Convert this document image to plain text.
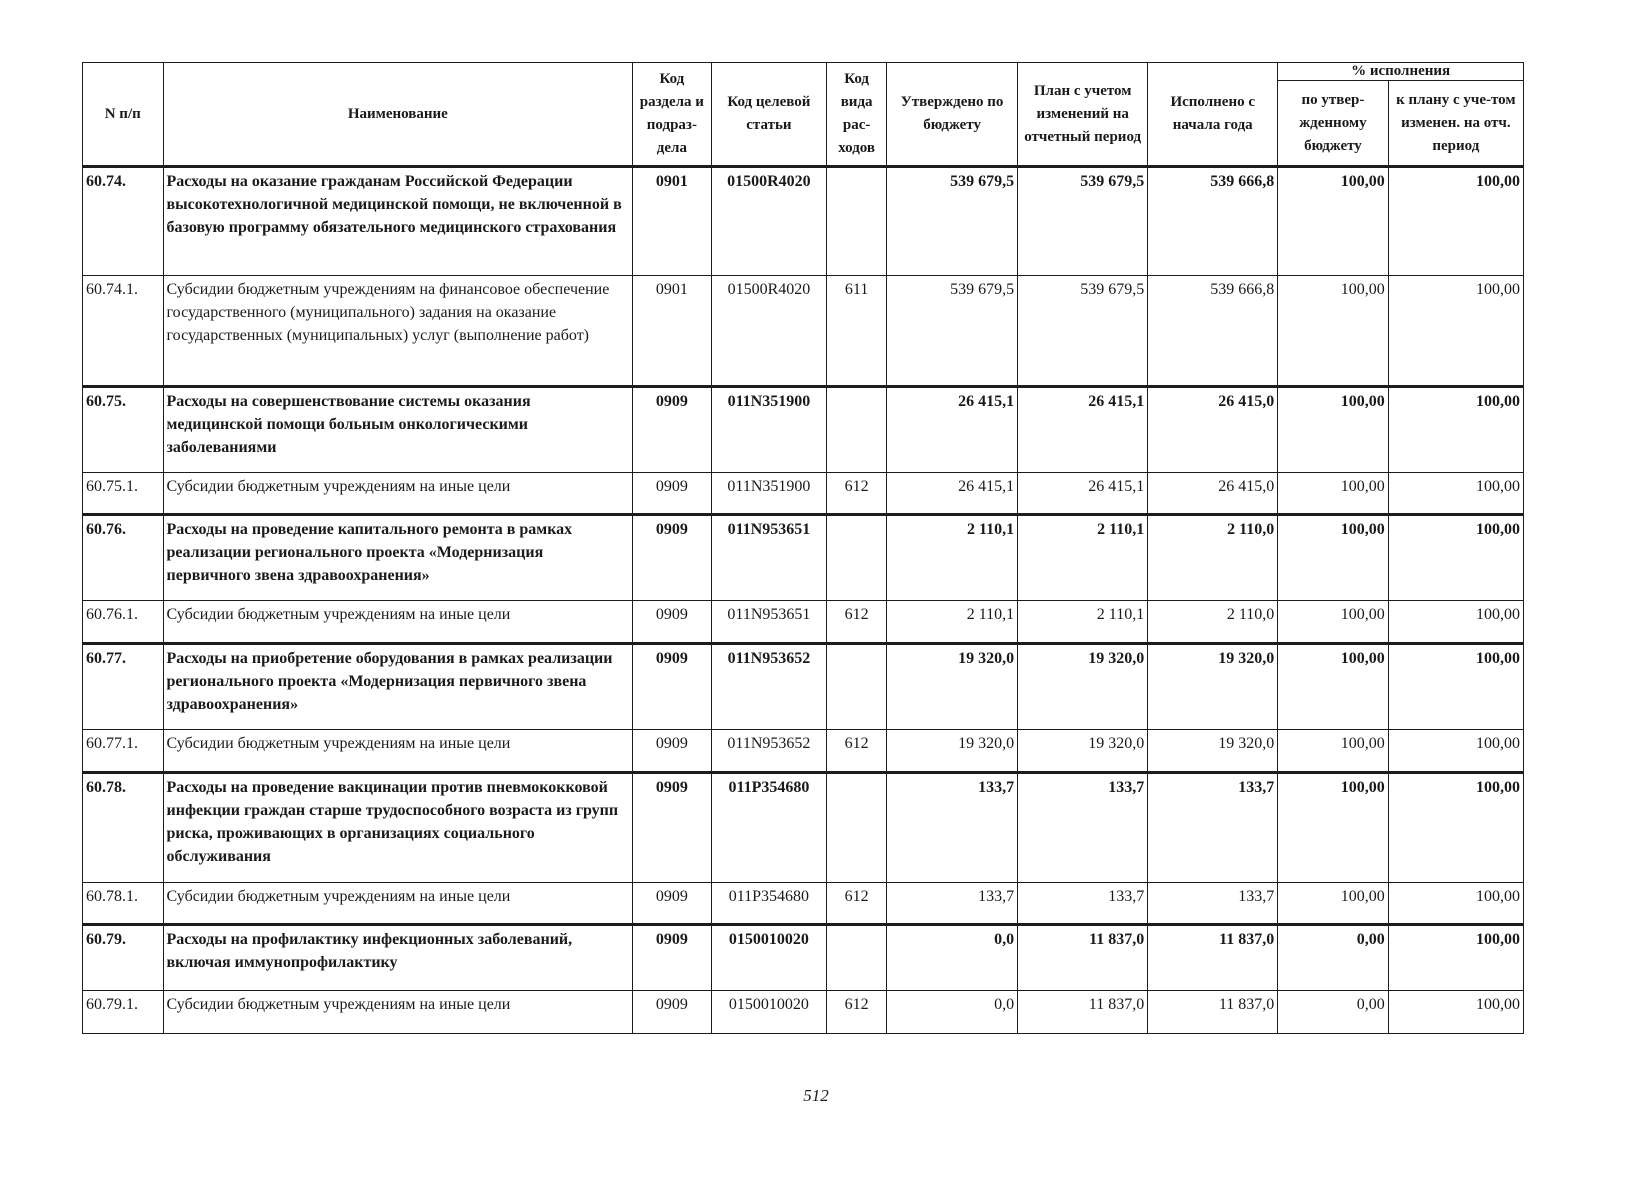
N п/п	Наименование	Код раздела и подраз-дела	Код целевой статьи	Код вида рас-ходов	Утверждено по бюджету	План с учетом изменений на отчетный период	Исполнено с начала года	% исполнения	
								по утвер-жденному бюджету	к плану с уче-том изменен. на отч. период
60.74.	Расходы на оказание гражданам Российской Федерации высокотехнологичной медицинской помощи, не включенной в базовую программу обязательного медицинского страхования	0901	01500R4020		539 679,5	539 679,5	539 666,8	100,00	100,00
60.74.1.	Субсидии бюджетным учреждениям на финансовое обеспечение государственного (муниципального) задания на оказание государственных (муниципальных) услуг (выполнение работ)	0901	01500R4020	611	539 679,5	539 679,5	539 666,8	100,00	100,00
60.75.	Расходы на совершенствование системы оказания медицинской помощи больным онкологическими заболеваниями	0909	011N351900		26 415,1	26 415,1	26 415,0	100,00	100,00
60.75.1.	Субсидии бюджетным учреждениям на иные цели	0909	011N351900	612	26 415,1	26 415,1	26 415,0	100,00	100,00
60.76.	Расходы на проведение капитального ремонта в рамках реализации регионального проекта «Модернизация первичного звена здравоохранения»	0909	011N953651		2 110,1	2 110,1	2 110,0	100,00	100,00
60.76.1.	Субсидии бюджетным учреждениям на иные цели	0909	011N953651	612	2 110,1	2 110,1	2 110,0	100,00	100,00
60.77.	Расходы на приобретение оборудования в рамках реализации регионального проекта «Модернизация первичного звена здравоохранения»	0909	011N953652		19 320,0	19 320,0	19 320,0	100,00	100,00
60.77.1.	Субсидии бюджетным учреждениям на иные цели	0909	011N953652	612	19 320,0	19 320,0	19 320,0	100,00	100,00
60.78.	Расходы на проведение вакцинации против пневмококковой инфекции граждан старше трудоспособного возраста из групп риска, проживающих в организациях социального обслуживания	0909	011P354680		133,7	133,7	133,7	100,00	100,00
60.78.1.	Субсидии бюджетным учреждениям на иные цели	0909	011P354680	612	133,7	133,7	133,7	100,00	100,00
60.79.	Расходы на профилактику инфекционных заболеваний, включая иммунопрофилактику	0909	0150010020		0,0	11 837,0	11 837,0	0,00	100,00
60.79.1.	Субсидии бюджетным учреждениям на иные цели	0909	0150010020	612	0,0	11 837,0	11 837,0	0,00	100,00
512
